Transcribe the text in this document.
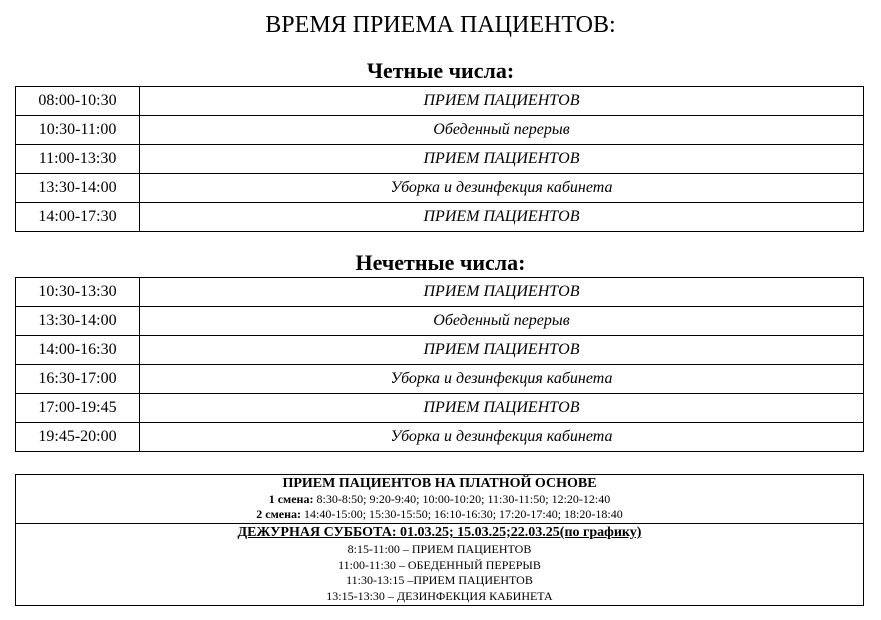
ВРЕМЯ ПРИЕМА ПАЦИЕНТОВ:
Четные числа:
08:00-10:30	ПРИЕМ ПАЦИЕНТОВ
10:30-11:00	Обеденный перерыв
11:00-13:30	ПРИЕМ ПАЦИЕНТОВ
13:30-14:00	Уборка и дезинфекция кабинета
14:00-17:30	ПРИЕМ ПАЦИЕНТОВ
Нечетные числа:
10:30-13:30	ПРИЕМ ПАЦИЕНТОВ
13:30-14:00	Обеденный перерыв
14:00-16:30	ПРИЕМ ПАЦИЕНТОВ
16:30-17:00	Уборка и дезинфекция кабинета
17:00-19:45	ПРИЕМ ПАЦИЕНТОВ
19:45-20:00	Уборка и дезинфекция кабинета
ПРИЕМ ПАЦИЕНТОВ НА ПЛАТНОЙ ОСНОВЕ
1 смена: 8:30-8:50; 9:20-9:40; 10:00-10:20; 11:30-11:50; 12:20-12:40
2 смена: 14:40-15:00; 15:30-15:50; 16:10-16:30; 17:20-17:40; 18:20-18:40
ДЕЖУРНАЯ СУББОТА: 01.03.25; 15.03.25;22.03.25(по графику)
8:15-11:00 – ПРИЕМ ПАЦИЕНТОВ
11:00-11:30 – ОБЕДЕННЫЙ ПЕРЕРЫВ
11:30-13:15 –ПРИЕМ ПАЦИЕНТОВ
13:15-13:30 – ДЕЗИНФЕКЦИЯ КАБИНЕТА
